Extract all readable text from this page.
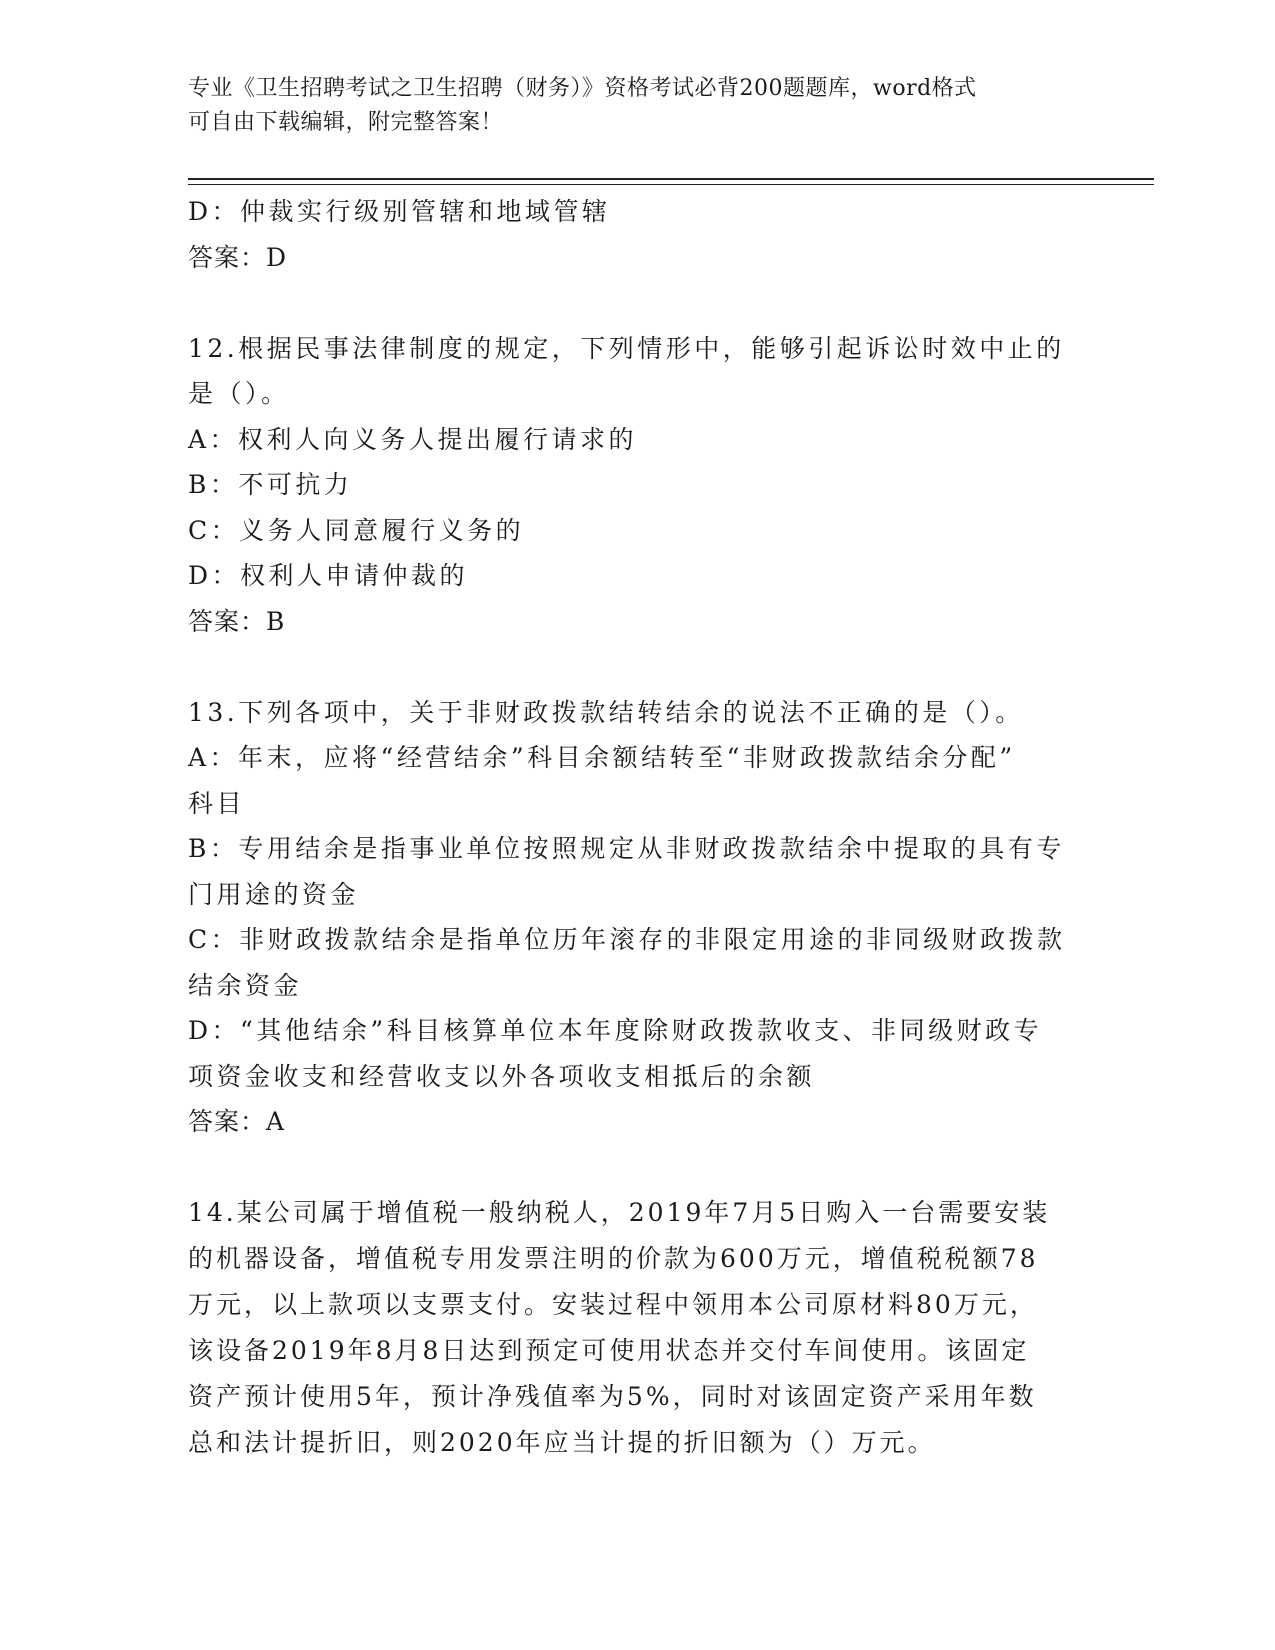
专业《卫生招聘考试之卫生招聘（财务）》资格考试必背200题题库，word格式
可自由下载编辑，附完整答案！

D：仲裁实行级别管辖和地域管辖

答案：D

12.根据民事法律制度的规定，下列情形中，能够引起诉讼时效中止的

是（）。

A：权利人向义务人提出履行请求的

B：不可抗力

C：义务人同意履行义务的

D：权利人申请仲裁的

答案：B

13.下列各项中，关于非财政拨款结转结余的说法不正确的是（）。

A：年末，应将“经营结余”科目余额结转至“非财政拨款结余分配”

科目

B：专用结余是指事业单位按照规定从非财政拨款结余中提取的具有专

门用途的资金

C：非财政拨款结余是指单位历年滚存的非限定用途的非同级财政拨款

结余资金

D：“其他结余”科目核算单位本年度除财政拨款收支、非同级财政专

项资金收支和经营收支以外各项收支相抵后的余额

答案：A

14.某公司属于增值税一般纳税人，2019年7月5日购入一台需要安装

的机器设备，增值税专用发票注明的价款为600万元，增值税税额78

万元，以上款项以支票支付。安装过程中领用本公司原材料80万元，

该设备2019年8月8日达到预定可使用状态并交付车间使用。该固定

资产预计使用5年，预计净残值率为5%，同时对该固定资产采用年数

总和法计提折旧，则2020年应当计提的折旧额为（）万元。
